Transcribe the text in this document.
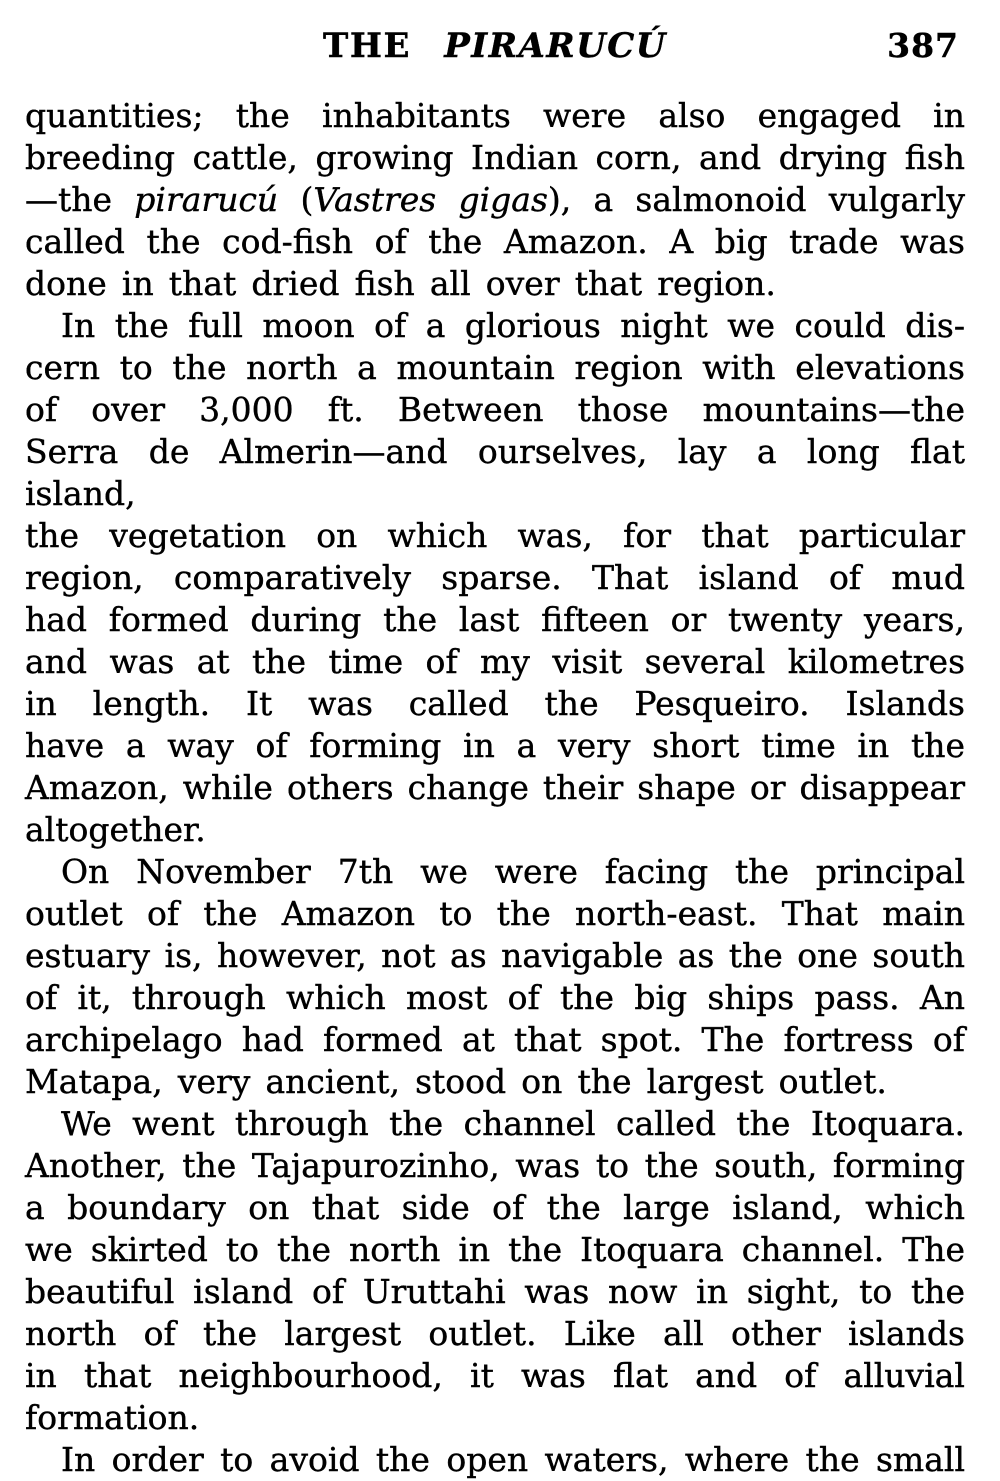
THE PIRARUCÚ	387
quantities; the inhabitants were also engaged in
breeding cattle, growing Indian corn, and drying fish
—the pirarucú (Vastres gigas), a salmonoid vulgarly
called the cod-fish of the Amazon. A big trade was
done in that dried fish all over that region.
In the full moon of a glorious night we could dis-
cern to the north a mountain region with elevations
of over 3,000 ft. Between those mountains—the
Serra de Almerin—and ourselves, lay a long flat island,
the vegetation on which was, for that particular
region, comparatively sparse. That island of mud
had formed during the last fifteen or twenty years,
and was at the time of my visit several kilometres
in length. It was called the Pesqueiro. Islands
have a way of forming in a very short time in the
Amazon, while others change their shape or disappear
altogether.
On November 7th we were facing the principal
outlet of the Amazon to the north-east. That main
estuary is, however, not as navigable as the one south
of it, through which most of the big ships pass. An
archipelago had formed at that spot. The fortress of
Matapa, very ancient, stood on the largest outlet.
We went through the channel called the Itoquara.
Another, the Tajapurozinho, was to the south, forming
a boundary on that side of the large island, which
we skirted to the north in the Itoquara channel. The
beautiful island of Uruttahi was now in sight, to the
north of the largest outlet. Like all other islands
in that neighbourhood, it was flat and of alluvial
formation.
In order to avoid the open waters, where the small
